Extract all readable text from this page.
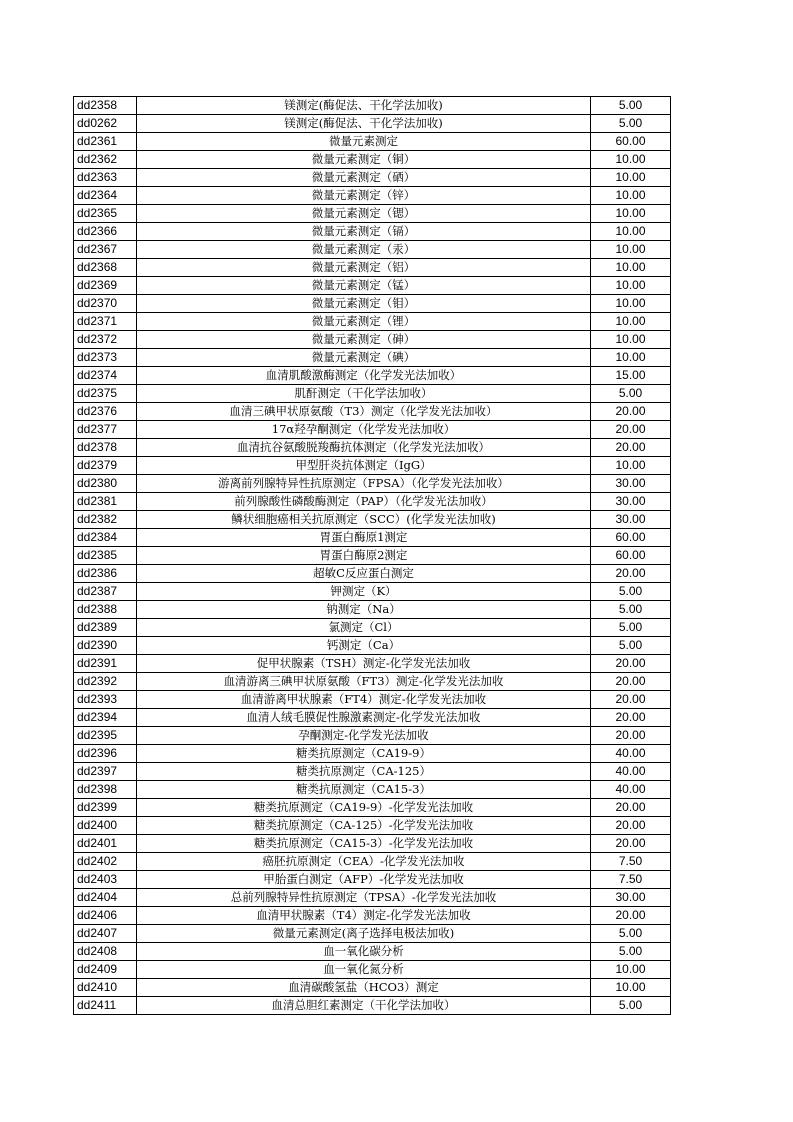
dd2358	镁测定(酶促法、干化学法加收)	5.00
dd0262	镁测定(酶促法、干化学法加收)	5.00
dd2361	微量元素测定	60.00
dd2362	微量元素测定（铜）	10.00
dd2363	微量元素测定（硒）	10.00
dd2364	微量元素测定（锌）	10.00
dd2365	微量元素测定（锶）	10.00
dd2366	微量元素测定（镉）	10.00
dd2367	微量元素测定（汞）	10.00
dd2368	微量元素测定（铝）	10.00
dd2369	微量元素测定（锰）	10.00
dd2370	微量元素测定（钼）	10.00
dd2371	微量元素测定（锂）	10.00
dd2372	微量元素测定（砷）	10.00
dd2373	微量元素测定（碘）	10.00
dd2374	血清肌酸激酶测定（化学发光法加收）	15.00
dd2375	肌酐测定（干化学法加收）	5.00
dd2376	血清三碘甲状原氨酸（T3）测定（化学发光法加收）	20.00
dd2377	17α羟孕酮测定（化学发光法加收）	20.00
dd2378	血清抗谷氨酸脱羧酶抗体测定（化学发光法加收）	20.00
dd2379	甲型肝炎抗体测定（IgG）	10.00
dd2380	游离前列腺特异性抗原测定（FPSA）（化学发光法加收）	30.00
dd2381	前列腺酸性磷酸酶测定（PAP）（化学发光法加收）	30.00
dd2382	鳞状细胞癌相关抗原测定（SCC）(化学发光法加收)	30.00
dd2384	胃蛋白酶原1测定	60.00
dd2385	胃蛋白酶原2测定	60.00
dd2386	超敏C反应蛋白测定	20.00
dd2387	钾测定（K）	5.00
dd2388	钠测定（Na）	5.00
dd2389	氯测定（Cl）	5.00
dd2390	钙测定（Ca）	5.00
dd2391	促甲状腺素（TSH）测定-化学发光法加收	20.00
dd2392	血清游离三碘甲状原氨酸（FT3）测定-化学发光法加收	20.00
dd2393	血清游离甲状腺素（FT4）测定-化学发光法加收	20.00
dd2394	血清人绒毛膜促性腺激素测定-化学发光法加收	20.00
dd2395	孕酮测定-化学发光法加收	20.00
dd2396	糖类抗原测定（CA19-9）	40.00
dd2397	糖类抗原测定（CA-125）	40.00
dd2398	糖类抗原测定（CA15-3）	40.00
dd2399	糖类抗原测定（CA19-9）-化学发光法加收	20.00
dd2400	糖类抗原测定（CA-125）-化学发光法加收	20.00
dd2401	糖类抗原测定（CA15-3）-化学发光法加收	20.00
dd2402	癌胚抗原测定（CEA）-化学发光法加收	7.50
dd2403	甲胎蛋白测定（AFP）-化学发光法加收	7.50
dd2404	总前列腺特异性抗原测定（TPSA）-化学发光法加收	30.00
dd2406	血清甲状腺素（T4）测定-化学发光法加收	20.00
dd2407	微量元素测定(离子选择电极法加收)	5.00
dd2408	血一氧化碳分析	5.00
dd2409	血一氧化氮分析	10.00
dd2410	血清碳酸氢盐（HCO3）测定	10.00
dd2411	血清总胆红素测定（干化学法加收）	5.00
